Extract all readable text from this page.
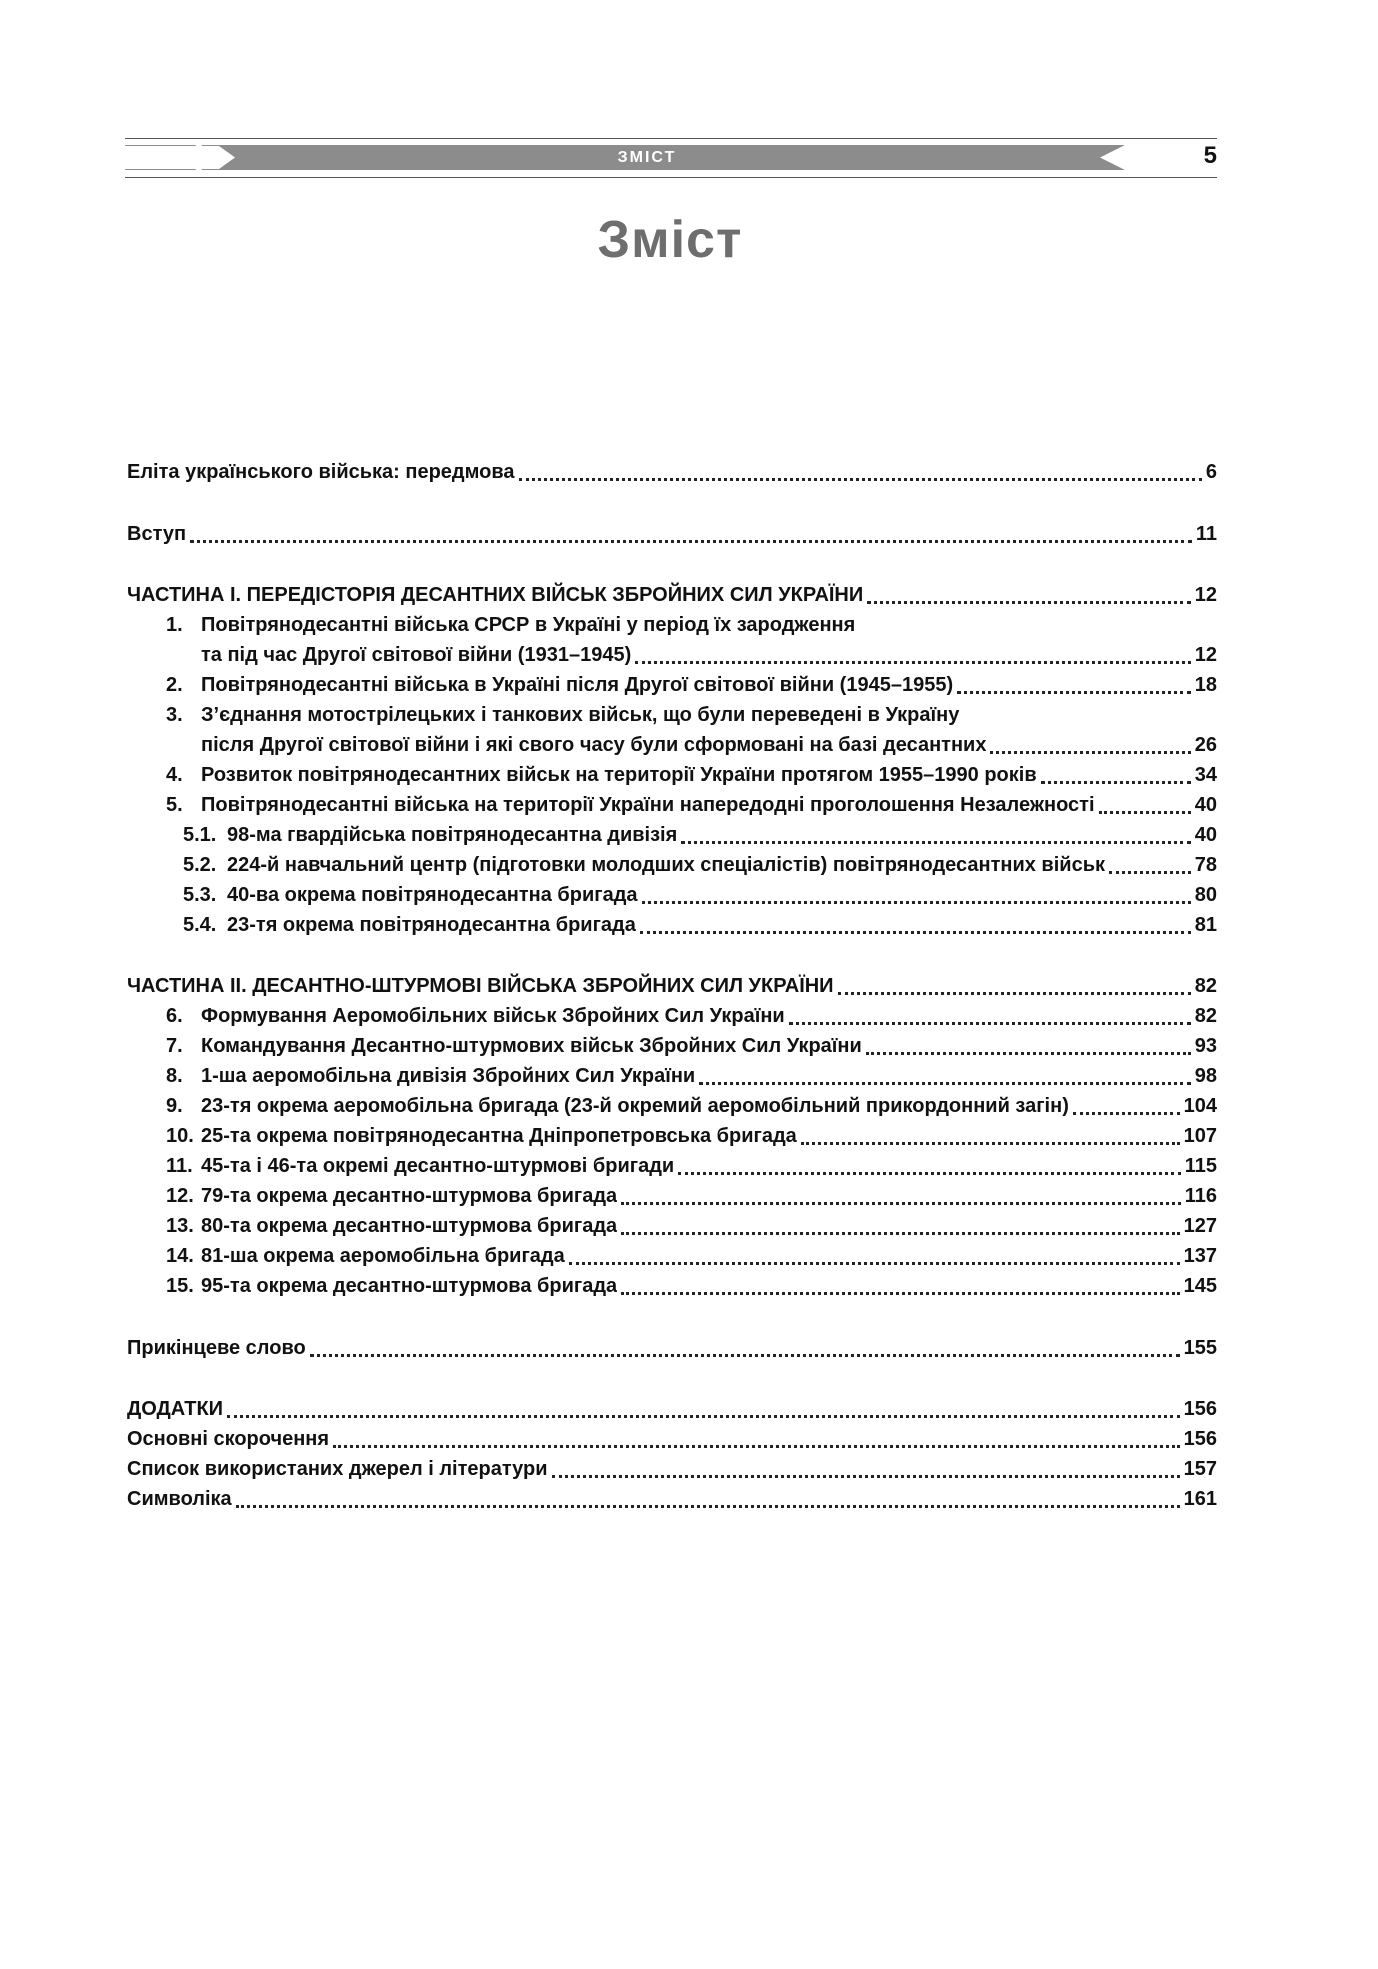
ЗМІСТ	5
Зміст
Еліта українського війська: передмова	6
Вступ	11
ЧАСТИНА I. ПЕРЕДІСТОРІЯ ДЕСАНТНИХ ВІЙСЬК ЗБРОЙНИХ СИЛ УКРАЇНИ	12
1. Повітрянодесантні війська СРСР в Україні у період їх зародження
та під час Другої світової війни (1931–1945)	12
2. Повітрянодесантні війська в Україні після Другої світової війни (1945–1955)	18
3. З’єднання мотострілецьких і танкових військ, що були переведені в Україну
після Другої світової війни і які свого часу були сформовані на базі десантних	26
4. Розвиток повітрянодесантних військ на території України протягом 1955–1990 років	34
5. Повітрянодесантні війська на території України напередодні проголошення Незалежності	40
5.1. 98-ма гвардійська повітрянодесантна дивізія	40
5.2. 224-й навчальний центр (підготовки молодших спеціалістів) повітрянодесантних військ	78
5.3. 40-ва окрема повітрянодесантна бригада	80
5.4. 23-тя окрема повітрянодесантна бригада	81
ЧАСТИНА II. ДЕСАНТНО-ШТУРМОВІ ВІЙСЬКА ЗБРОЙНИХ СИЛ УКРАЇНИ	82
6. Формування Аеромобільних військ Збройних Сил України	82
7. Командування Десантно-штурмових військ Збройних Сил України	93
8. 1-ша аеромобільна дивізія Збройних Сил України	98
9. 23-тя окрема аеромобільна бригада (23-й окремий аеромобільний прикордонний загін)	104
10. 25-та окрема повітрянодесантна Дніпропетровська бригада	107
11. 45-та і 46-та окремі десантно-штурмові бригади	115
12. 79-та окрема десантно-штурмова бригада	116
13. 80-та окрема десантно-штурмова бригада	127
14. 81-ша окрема аеромобільна бригада	137
15. 95-та окрема десантно-штурмова бригада	145
Прикінцеве слово	155
ДОДАТКИ	156
Основні скорочення	156
Список використаних джерел і літератури	157
Символіка	161
